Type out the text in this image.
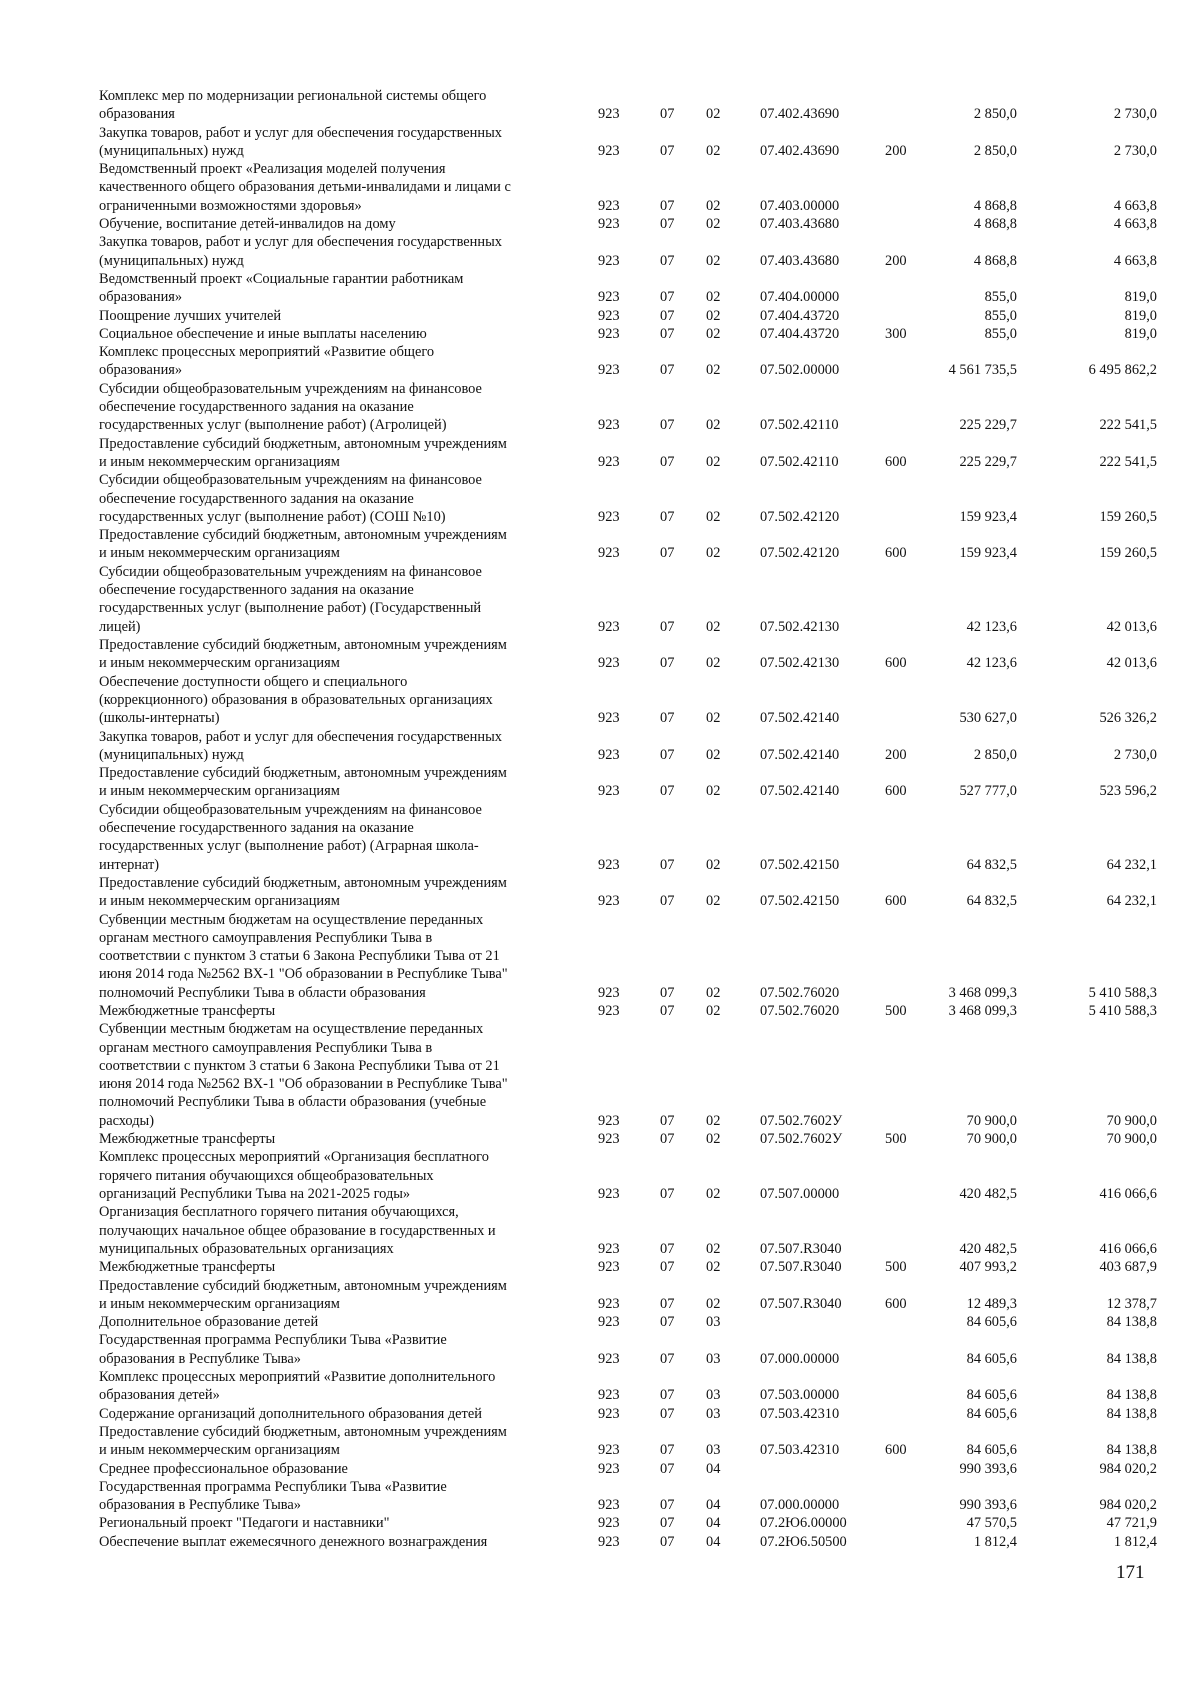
Комплекс мер по модернизации региональной системы общего
образования	923	07 02	07.402.43690	2 850,0	2 730,0
Закупка товаров, работ и услуг для обеспечения государственных
(муниципальных) нужд	923	07 02	07.402.43690	200	2 850,0	2 730,0
Ведомственный проект «Реализация моделей получения
качественного общего образования детьми-инвалидами и лицами с
ограниченными возможностями здоровья»	923	07 02	07.403.00000	4 868,8	4 663,8
Обучение, воспитание детей-инвалидов на дому	923	07 02	07.403.43680	4 868,8	4 663,8
Закупка товаров, работ и услуг для обеспечения государственных
(муниципальных) нужд	923	07 02	07.403.43680	200	4 868,8	4 663,8
Ведомственный проект «Социальные гарантии работникам
образования»	923	07 02	07.404.00000	855,0	819,0
Поощрение лучших учителей	923	07 02	07.404.43720	855,0	819,0
Социальное обеспечение и иные выплаты населению	923	07 02	07.404.43720	300	855,0	819,0
Комплекс процессных мероприятий «Развитие общего
образования»	923	07 02	07.502.00000	4 561 735,5	6 495 862,2
Субсидии общеобразовательным учреждениям на финансовое
обеспечение государственного задания на оказание
государственных услуг (выполнение работ) (Агролицей)	923	07 02	07.502.42110	225 229,7	222 541,5
Предоставление субсидий бюджетным, автономным учреждениям
и иным некоммерческим организациям	923	07 02	07.502.42110	600	225 229,7	222 541,5
Субсидии общеобразовательным учреждениям на финансовое
обеспечение государственного задания на оказание
государственных услуг (выполнение работ) (СОШ №10)	923	07 02	07.502.42120	159 923,4	159 260,5
Предоставление субсидий бюджетным, автономным учреждениям
и иным некоммерческим организациям	923	07 02	07.502.42120	600	159 923,4	159 260,5
Субсидии общеобразовательным учреждениям на финансовое
обеспечение государственного задания на оказание
государственных услуг (выполнение работ) (Государственный
лицей)	923	07 02	07.502.42130	42 123,6	42 013,6
Предоставление субсидий бюджетным, автономным учреждениям
и иным некоммерческим организациям	923	07 02	07.502.42130	600	42 123,6	42 013,6
Обеспечение доступности общего и специального
(коррекционного) образования в образовательных организациях
(школы-интернаты)	923	07 02	07.502.42140	530 627,0	526 326,2
Закупка товаров, работ и услуг для обеспечения государственных
(муниципальных) нужд	923	07 02	07.502.42140	200	2 850,0	2 730,0
Предоставление субсидий бюджетным, автономным учреждениям
и иным некоммерческим организациям	923	07 02	07.502.42140	600	527 777,0	523 596,2
Субсидии общеобразовательным учреждениям на финансовое
обеспечение государственного задания на оказание
государственных услуг (выполнение работ) (Аграрная школа-
интернат)	923	07 02	07.502.42150	64 832,5	64 232,1
Предоставление субсидий бюджетным, автономным учреждениям
и иным некоммерческим организациям	923	07 02	07.502.42150	600	64 832,5	64 232,1
Субвенции местным бюджетам на осуществление переданных
органам местного самоуправления Республики Тыва в
соответствии с пунктом 3 статьи 6 Закона Республики Тыва от 21
июня 2014 года №2562 ВХ-1 "Об образовании в Республике Тыва"
полномочий Республики Тыва в области образования	923	07 02	07.502.76020	3 468 099,3	5 410 588,3
Межбюджетные трансферты	923	07 02	07.502.76020	500	3 468 099,3	5 410 588,3
Субвенции местным бюджетам на осуществление переданных
органам местного самоуправления Республики Тыва в
соответствии с пунктом 3 статьи 6 Закона Республики Тыва от 21
июня 2014 года №2562 ВХ-1 "Об образовании в Республике Тыва"
полномочий Республики Тыва в области образования (учебные
расходы)	923	07 02	07.502.7602У	70 900,0	70 900,0
Межбюджетные трансферты	923	07 02	07.502.7602У	500	70 900,0	70 900,0
Комплекс процессных мероприятий «Организация бесплатного
горячего питания обучающихся общеобразовательных
организаций Республики Тыва на 2021-2025 годы»	923	07 02	07.507.00000	420 482,5	416 066,6
Организация бесплатного горячего питания обучающихся,
получающих начальное общее образование в государственных и
муниципальных образовательных организациях	923	07 02	07.507.R3040	420 482,5	416 066,6
Межбюджетные трансферты	923	07 02	07.507.R3040	500	407 993,2	403 687,9
Предоставление субсидий бюджетным, автономным учреждениям
и иным некоммерческим организациям	923	07 02	07.507.R3040	600	12 489,3	12 378,7
Дополнительное образование детей	923	07 03	84 605,6	84 138,8
Государственная программа Республики Тыва «Развитие
образования в Республике Тыва»	923	07 03	07.000.00000	84 605,6	84 138,8
Комплекс процессных мероприятий «Развитие дополнительного
образования детей»	923	07 03	07.503.00000	84 605,6	84 138,8
Содержание организаций дополнительного образования детей	923	07 03	07.503.42310	84 605,6	84 138,8
Предоставление субсидий бюджетным, автономным учреждениям
и иным некоммерческим организациям	923	07 03	07.503.42310	600	84 605,6	84 138,8
Среднее профессиональное образование	923	07 04	990 393,6	984 020,2
Государственная программа Республики Тыва «Развитие
образования в Республике Тыва»	923	07 04	07.000.00000	990 393,6	984 020,2
Региональный проект "Педагоги и наставники"	923	07 04	07.2Ю6.00000	47 570,5	47 721,9
Обеспечение выплат ежемесячного денежного вознаграждения	923	07 04	07.2Ю6.50500	1 812,4	1 812,4
171
